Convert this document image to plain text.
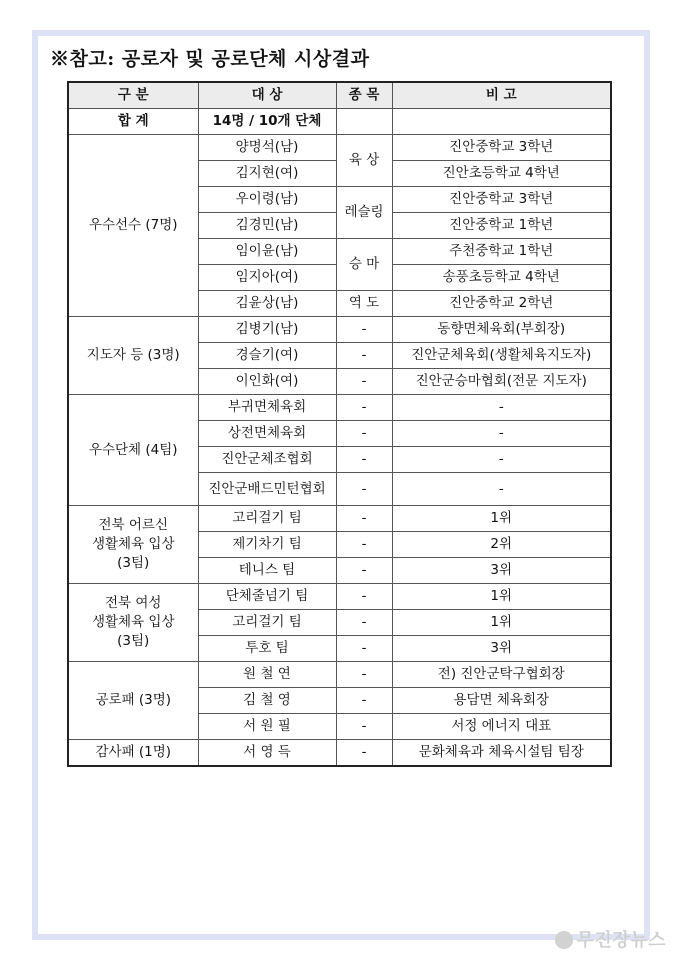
※참고: 공로자 및 공로단체 시상결과
구 분	대 상	종 목	비 고
합 계	14명 / 10개 단체		
우수선수 (7명)	양명석(남)	육 상	진안중학교 3학년
	김지현(여)		진안초등학교 4학년
	우이령(남)	레슬링	진안중학교 3학년
	김경민(남)		진안중학교 1학년
	임이윤(남)	승 마	주천중학교 1학년
	임지아(여)		송풍초등학교 4학년
	김윤상(남)	역 도	진안중학교 2학년
지도자 등 (3명)	김병기(남)	-	동향면체육회(부회장)
	경슬기(여)	-	진안군체육회(생활체육지도자)
	이인화(여)	-	진안군승마협회(전문 지도자)
우수단체 (4팀)	부귀면체육회	-	-
	상전면체육회	-	-
	진안군체조협회	-	-
	진안군배드민턴협회	-	-
전북 어르신
생활체육 입상
(3팀)	고리걸기 팀	-	1위
	제기차기 팀	-	2위
	테니스 팀	-	3위
전북 여성
생활체육 입상
(3팀)	단체줄넘기 팀	-	1위
	고리걸기 팀	-	1위
	투호 팀	-	3위
공로패 (3명)	원 철 연	-	전) 진안군탁구협회장
	김 철 영	-	용담면 체육회장
	서 원 필	-	서정 에너지 대표
감사패 (1명)	서 영 득	-	문화체육과 체육시설팀 팀장
무진장뉴스
